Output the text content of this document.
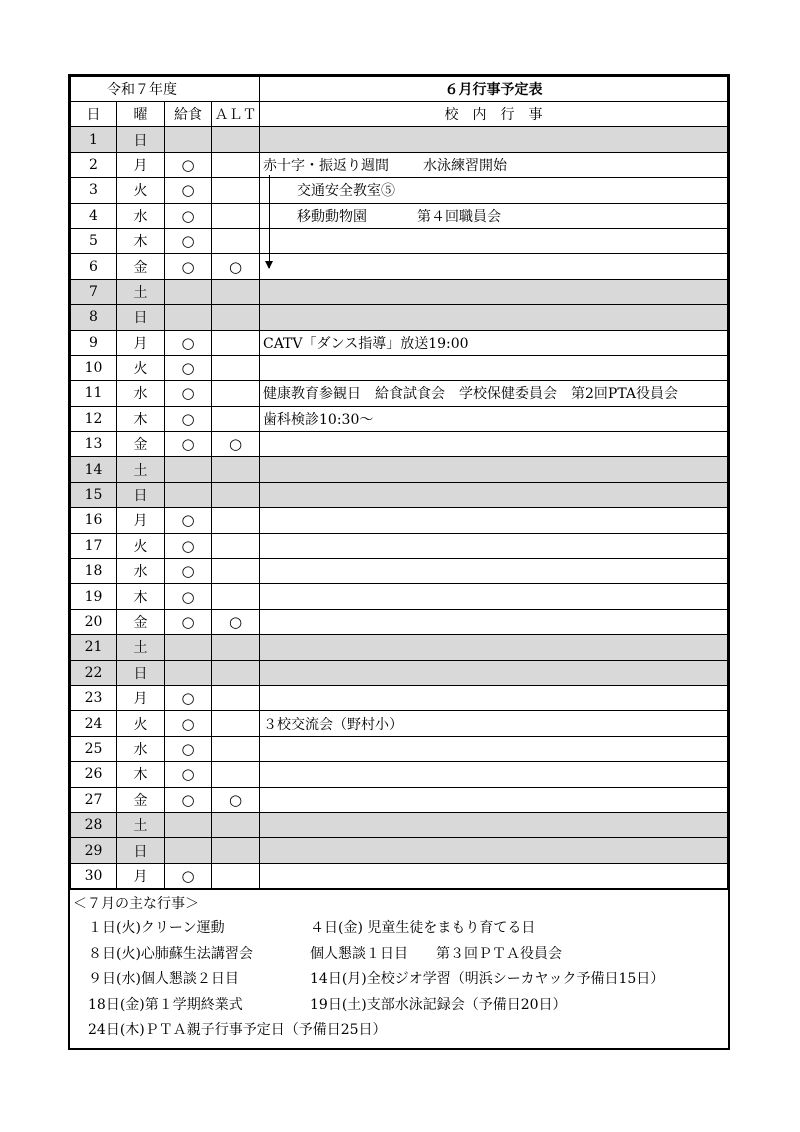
令和７年度				６月行事予定表
日	曜	給食	ＡＬＴ	校　内　行　事
1	日			
2	月	○		赤十字・振返り週間 水泳練習開始

3	火	○		交通安全教室⑤
4	水	○		移動動物園 第４回職員会
5	木	○		
6	金	○	○	
7	土			
8	日			
9	月	○		CATV「ダンス指導」放送19:00
10	火	○		
11	水	○		健康教育参観日　給食試食会　学校保健委員会　第2回PTA役員会
12	木	○		歯科検診10:30～
13	金	○	○	
14	土			
15	日			
16	月	○		
17	火	○		
18	水	○		
19	木	○		
20	金	○	○	
21	土			
22	日			
23	月	○		
24	火	○		３校交流会（野村小）
25	水	○		
26	木	○		
27	金	○	○	
28	土			
29	日			
30	月	○		
＜７月の主な行事＞
１日(火)クリーン運動	４日(金) 児童生徒をまもり育てる日
８日(火)心肺蘇生法講習会	個人懇談１日目　　第３回ＰＴＡ役員会
９日(水)個人懇談２日目	14日(月)全校ジオ学習（明浜シーカヤック予備日15日）
18日(金)第１学期終業式	19日(土)支部水泳記録会（予備日20日）
24日(木)ＰＴＡ親子行事予定日（予備日25日）
